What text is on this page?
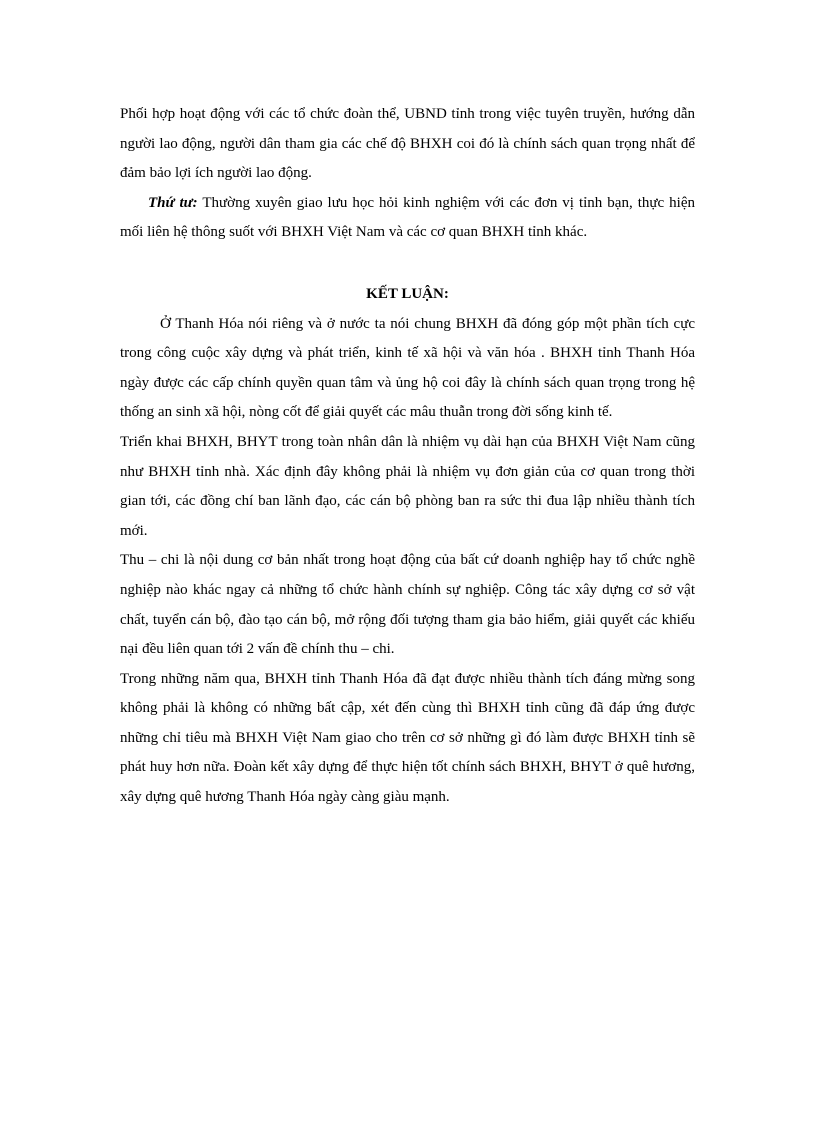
Phối hợp hoạt động với các tổ chức đoàn thể, UBND tỉnh trong việc tuyên truyền, hướng dẫn người lao động, người dân tham gia các chế độ BHXH coi đó là chính sách quan trọng nhất để đảm bảo lợi ích người lao động.

Thứ tư: Thường xuyên giao lưu học hỏi kinh nghiệm với các đơn vị tỉnh bạn, thực hiện mối liên hệ thông suốt với BHXH Việt Nam và các cơ quan BHXH tỉnh khác.

KẾT LUẬN:

Ở Thanh Hóa nói riêng và ở nước ta nói chung BHXH đã đóng góp một phần tích cực trong công cuộc xây dựng và phát triển, kinh tế xã hội và văn hóa . BHXH tỉnh Thanh Hóa ngày được các cấp chính quyền quan tâm và ủng hộ coi đây là chính sách quan trọng trong hệ thống an sinh xã hội, nòng cốt để giải quyết các mâu thuẫn trong đời sống kinh tế.

Triển khai BHXH, BHYT trong toàn nhân dân là nhiệm vụ dài hạn của BHXH Việt Nam cũng như BHXH tỉnh nhà. Xác định đây không phải là nhiệm vụ đơn giản của cơ quan trong thời gian tới, các đồng chí ban lãnh đạo, các cán bộ phòng ban ra sức thi đua lập nhiều thành tích mới.

Thu – chi là nội dung cơ bản nhất trong hoạt động của bất cứ doanh nghiệp hay tổ chức nghề nghiệp nào khác ngay cả những tổ chức hành chính sự nghiệp. Công tác xây dựng cơ sở vật chất, tuyển cán bộ, đào tạo cán bộ, mở rộng đối tượng tham gia bảo hiểm, giải quyết các khiếu nại đều liên quan tới 2 vấn đề chính thu – chi.

Trong những năm qua, BHXH tỉnh Thanh Hóa đã đạt được nhiều thành tích đáng mừng song không phải là không có những bất cập, xét đến cùng thì BHXH tỉnh cũng đã đáp ứng được những chỉ tiêu mà BHXH Việt Nam giao cho trên cơ sở những gì đó làm được BHXH tỉnh sẽ phát huy hơn nữa. Đoàn kết xây dựng để thực hiện tốt chính sách BHXH, BHYT ở quê hương, xây dựng quê hương Thanh Hóa ngày càng giàu mạnh.
